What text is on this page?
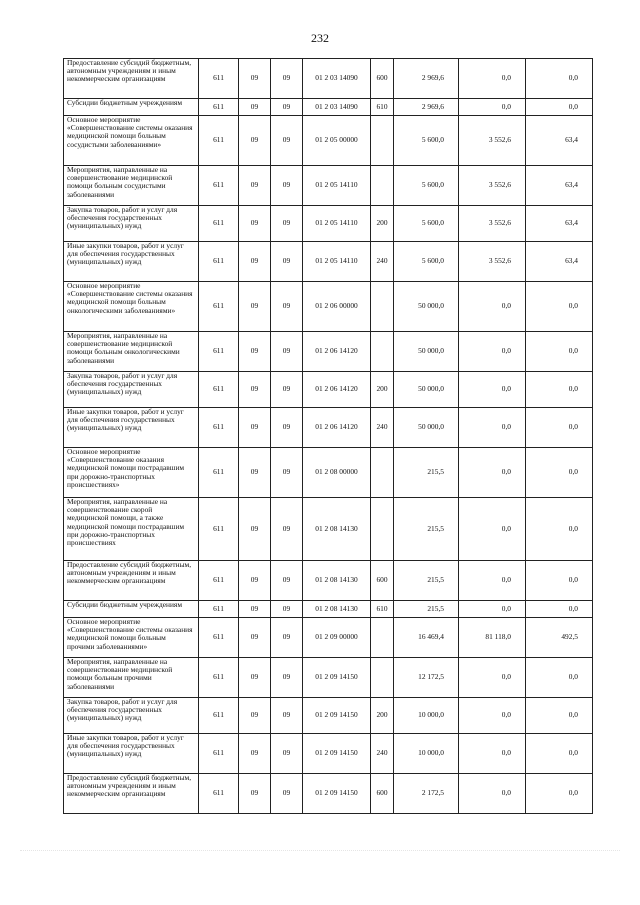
232
Предоставление субсидий бюджетным, автономным учреждениям и иным некоммерческим организациям	611	09	09	01 2 03 14090	600	2 969,6	0,0	0,0
Субсидии бюджетным учреждениям	611	09	09	01 2 03 14090	610	2 969,6	0,0	0,0
Основное мероприятие «Совершенствование системы оказания медицинской помощи больным сосудистыми заболеваниями»	611	09	09	01 2 05 00000		5 600,0	3 552,6	63,4
Мероприятия, направленные на совершенствование медицинской помощи больным сосудистыми заболеваниями	611	09	09	01 2 05 14110		5 600,0	3 552,6	63,4
Закупка товаров, работ и услуг для обеспечения государственных (муниципальных) нужд	611	09	09	01 2 05 14110	200	5 600,0	3 552,6	63,4
Иные закупки товаров, работ и услуг для обеспечения государственных (муниципальных) нужд	611	09	09	01 2 05 14110	240	5 600,0	3 552,6	63,4
Основное мероприятие «Совершенствование системы оказания медицинской помощи больным онкологическими заболеваниями»	611	09	09	01 2 06 00000		50 000,0	0,0	0,0
Мероприятия, направленные на совершенствование медицинской помощи больным онкологическими заболеваниями	611	09	09	01 2 06 14120		50 000,0	0,0	0,0
Закупка товаров, работ и услуг для обеспечения государственных (муниципальных) нужд	611	09	09	01 2 06 14120	200	50 000,0	0,0	0,0
Иные закупки товаров, работ и услуг для обеспечения государственных (муниципальных) нужд	611	09	09	01 2 06 14120	240	50 000,0	0,0	0,0
Основное мероприятие «Совершенствование оказания медицинской помощи пострадавшим при дорожно-транспортных происшествиях»	611	09	09	01 2 08 00000		215,5	0,0	0,0
Мероприятия, направленные на совершенствование скорой медицинской помощи, а также медицинской помощи пострадавшим при дорожно-транспортных происшествиях	611	09	09	01 2 08 14130		215,5	0,0	0,0
Предоставление субсидий бюджетным, автономным учреждениям и иным некоммерческим организациям	611	09	09	01 2 08 14130	600	215,5	0,0	0,0
Субсидии бюджетным учреждениям	611	09	09	01 2 08 14130	610	215,5	0,0	0,0
Основное мероприятие «Совершенствование системы оказания медицинской помощи больным прочими заболеваниями»	611	09	09	01 2 09 00000		16 469,4	81 118,0	492,5
Мероприятия, направленные на совершенствование медицинской помощи больным прочими заболеваниями	611	09	09	01 2 09 14150		12 172,5	0,0	0,0
Закупка товаров, работ и услуг для обеспечения государственных (муниципальных) нужд	611	09	09	01 2 09 14150	200	10 000,0	0,0	0,0
Иные закупки товаров, работ и услуг для обеспечения государственных (муниципальных) нужд	611	09	09	01 2 09 14150	240	10 000,0	0,0	0,0
Предоставление субсидий бюджетным, автономным учреждениям и иным некоммерческим организациям	611	09	09	01 2 09 14150	600	2 172,5	0,0	0,0
